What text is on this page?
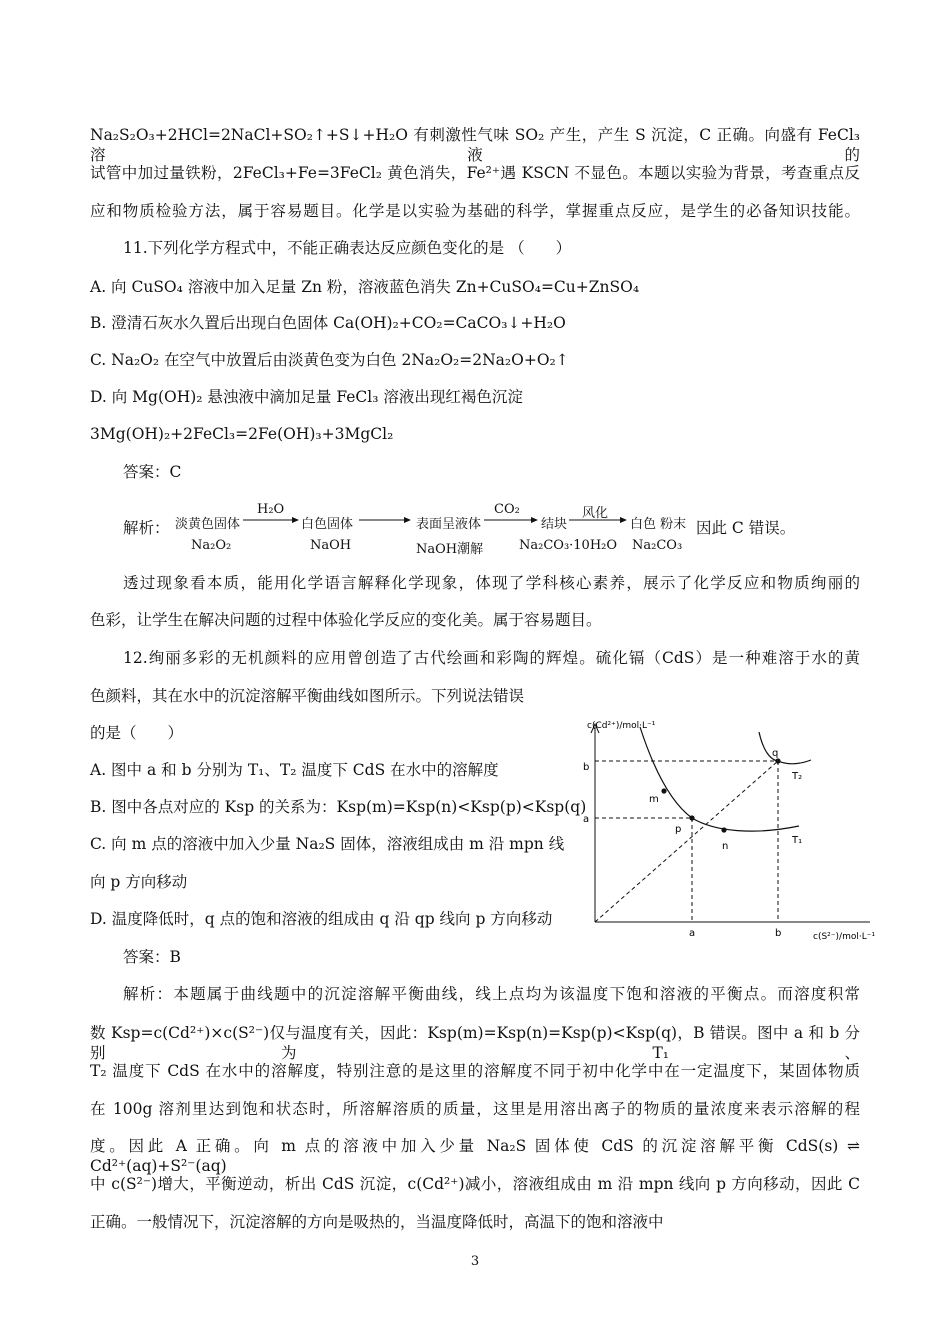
Na₂S₂O₃+2HCl=2NaCl+SO₂↑+S↓+H₂O 有刺激性气味 SO₂ 产生，产生 S 沉淀，C 正确。向盛有 FeCl₃ 溶液的
试管中加过量铁粉，2FeCl₃+Fe=3FeCl₂ 黄色消失，Fe²⁺遇 KSCN 不显色。本题以实验为背景，考查重点反
应和物质检验方法，属于容易题目。化学是以实验为基础的科学，掌握重点反应，是学生的必备知识技能。
11.下列化学方程式中，不能正确表达反应颜色变化的是 （　　）
A. 向 CuSO₄ 溶液中加入足量 Zn 粉，溶液蓝色消失 Zn+CuSO₄=Cu+ZnSO₄
B. 澄清石灰水久置后出现白色固体 Ca(OH)₂+CO₂=CaCO₃↓+H₂O
C. Na₂O₂ 在空气中放置后由淡黄色变为白色 2Na₂O₂=2Na₂O+O₂↑
D. 向 Mg(OH)₂ 悬浊液中滴加足量 FeCl₃ 溶液出现红褐色沉淀
3Mg(OH)₂+2FeCl₃=2Fe(OH)₃+3MgCl₂
答案：C
解析： 淡黄色固体
Na₂O₂
H₂O
白色固体
NaOH
表面呈液体
NaOH潮解
CO₂
结块
Na₂CO₃·10H₂O
风化
白色 粉末
Na₂CO₃
因此 C 错误。
透过现象看本质，能用化学语言解释化学现象，体现了学科核心素养，展示了化学反应和物质绚丽的
色彩，让学生在解决问题的过程中体验化学反应的变化美。属于容易题目。
12.绚丽多彩的无机颜料的应用曾创造了古代绘画和彩陶的辉煌。硫化镉（CdS）是一种难溶于水的黄
色颜料，其在水中的沉淀溶解平衡曲线如图所示。下列说法错误
的是（　　）
A. 图中 a 和 b 分别为 T₁、T₂ 温度下 CdS 在水中的溶解度
B. 图中各点对应的 Ksp 的关系为：Ksp(m)=Ksp(n)<Ksp(p)<Ksp(q)
C. 向 m 点的溶液中加入少量 Na₂S 固体，溶液组成由 m 沿 mpn 线
向 p 方向移动
D. 温度降低时，q 点的饱和溶液的组成由 q 沿 qp 线向 p 方向移动
答案：B
c(Cd²⁺)/mol·L⁻¹
c(S²⁻)/mol·L⁻¹
m
p
n
q
T₂
T₁
b
a
a	b
解析：本题属于曲线题中的沉淀溶解平衡曲线，线上点均为该温度下饱和溶液的平衡点。而溶度积常
数 Ksp=c(Cd²⁺)×c(S²⁻)仅与温度有关，因此：Ksp(m)=Ksp(n)=Ksp(p)<Ksp(q)，B 错误。图中 a 和 b 分别为 T₁、
T₂ 温度下 CdS 在水中的溶解度，特别注意的是这里的溶解度不同于初中化学中在一定温度下，某固体物质
在 100g 溶剂里达到饱和状态时，所溶解溶质的质量，这里是用溶出离子的物质的量浓度来表示溶解的程
度。因此 A 正确。向 m 点的溶液中加入少量 Na₂S 固体使 CdS 的沉淀溶解平衡 CdS(s) ⇌ Cd²⁺(aq)+S²⁻(aq)
中 c(S²⁻)增大，平衡逆动，析出 CdS 沉淀，c(Cd²⁺)减小，溶液组成由 m 沿 mpn 线向 p 方向移动，因此 C
正确。一般情况下，沉淀溶解的方向是吸热的，当温度降低时，高温下的饱和溶液中
3
